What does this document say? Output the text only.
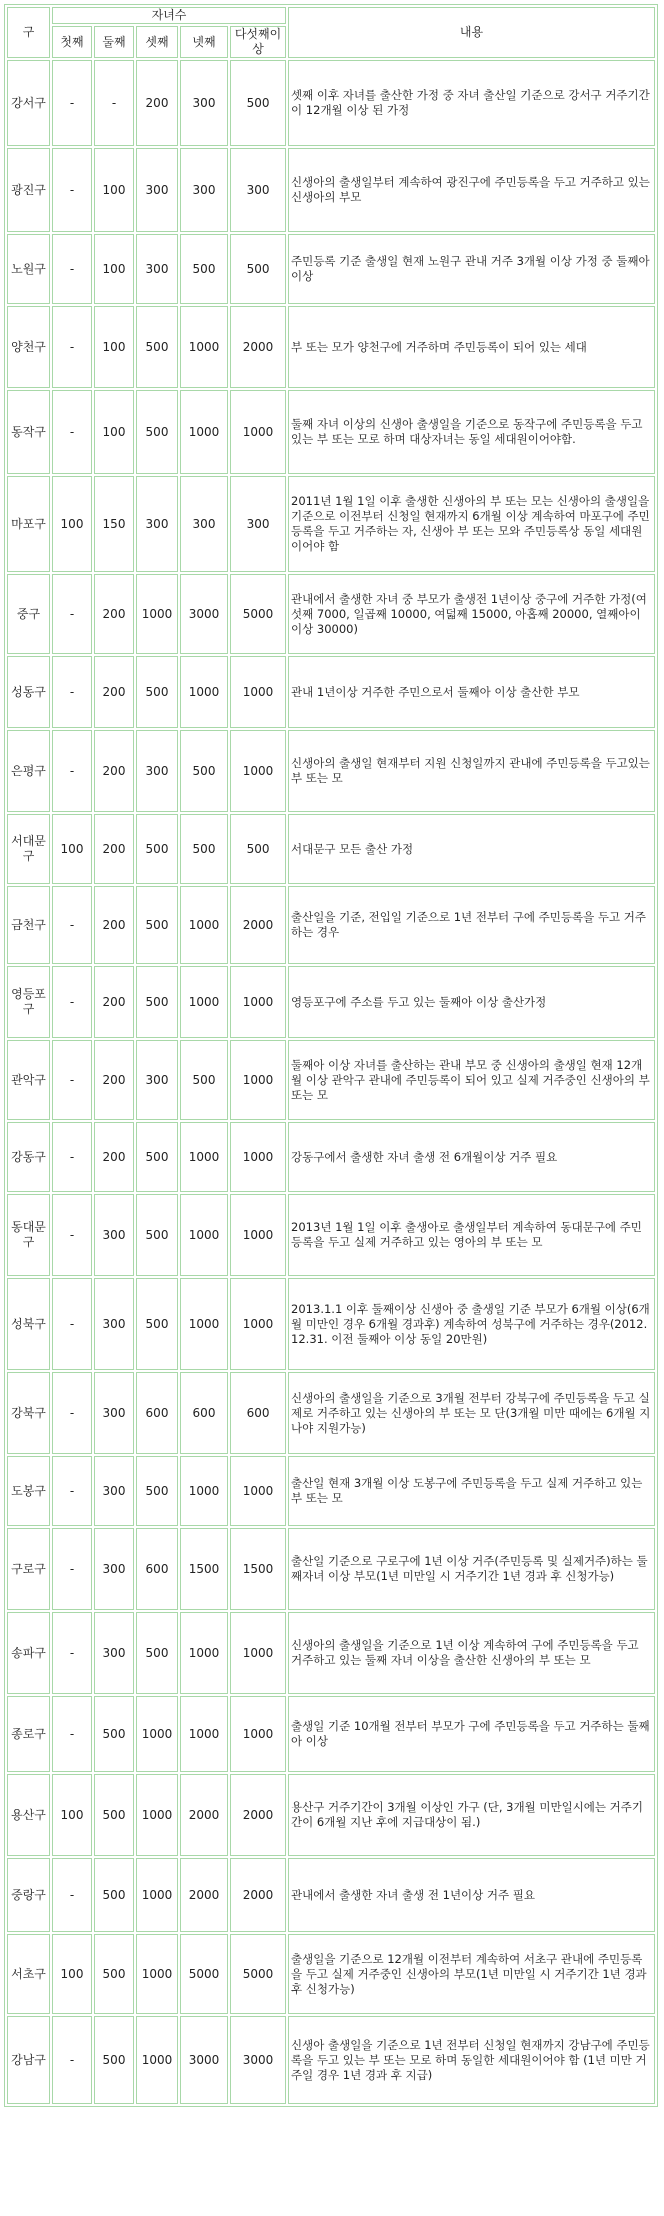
구	자녀수					내용
	첫째	둘째	셋째	넷째	다섯째이상	
강서구	-	-	200	300	500	셋째 이후 자녀를 출산한 가정 중 자녀 출산일 기준으로 강서구 거주기간이 12개월 이상 된 가정
광진구	-	100	300	300	300	신생아의 출생일부터 계속하여 광진구에 주민등록을 두고 거주하고 있는 신생아의 부모
노원구	-	100	300	500	500	주민등록 기준 출생일 현재 노원구 관내 거주 3개월 이상 가정 중 둘째아 이상
양천구	-	100	500	1000	2000	부 또는 모가 양천구에 거주하며 주민등록이 되어 있는 세대
동작구	-	100	500	1000	1000	둘째 자녀 이상의 신생아 출생일을 기준으로 동작구에 주민등록을 두고 있는 부 또는 모로 하며 대상자녀는 동일 세대원이어야함.
마포구	100	150	300	300	300	2011년 1월 1일 이후 출생한 신생아의 부 또는 모는 신생아의 출생일을 기준으로 이전부터 신청일 현재까지 6개월 이상 계속하여 마포구에 주민등록을 두고 거주하는 자, 신생아 부 또는 모와 주민등록상 동일 세대원이어야 함
중구	-	200	1000	3000	5000	관내에서 출생한 자녀 중 부모가 출생전 1년이상 중구에 거주한 가정(여섯째 7000, 일곱째 10000, 여덟째 15000, 아홉째 20000, 열째아이 이상 30000)
성동구	-	200	500	1000	1000	관내 1년이상 거주한 주민으로서 둘째아 이상 출산한 부모
은평구	-	200	300	500	1000	신생아의 출생일 현재부터 지원 신청일까지 관내에 주민등록을 두고있는 부 또는 모
서대문구	100	200	500	500	500	서대문구 모든 출산 가정
금천구	-	200	500	1000	2000	출산일을 기준, 전입일 기준으로 1년 전부터 구에 주민등록을 두고 거주하는 경우
영등포구	-	200	500	1000	1000	영등포구에 주소를 두고 있는 둘째아 이상 출산가정
관악구	-	200	300	500	1000	둘째아 이상 자녀를 출산하는 관내 부모 중 신생아의 출생일 현재 12개월 이상 관악구 관내에 주민등록이 되어 있고 실제 거주중인 신생아의 부 또는 모
강동구	-	200	500	1000	1000	강동구에서 출생한 자녀 출생 전 6개월이상 거주 필요
동대문구	-	300	500	1000	1000	2013년 1월 1일 이후 출생아로 출생일부터 계속하여 동대문구에 주민등록을 두고 실제 거주하고 있는 영아의 부 또는 모
성북구	-	300	500	1000	1000	2013.1.1 이후 둘째이상 신생아 중 출생일 기준 부모가 6개월 이상(6개월 미만인 경우 6개월 경과후) 계속하여 성북구에 거주하는 경우(2012.12.31. 이전 둘째아 이상 동일 20만원)
강북구	-	300	600	600	600	신생아의 출생일을 기준으로 3개월 전부터 강북구에 주민등록을 두고 실제로 거주하고 있는 신생아의 부 또는 모 단(3개월 미만 때에는 6개월 지나야 지원가능)
도봉구	-	300	500	1000	1000	출산일 현재 3개월 이상 도봉구에 주민등록을 두고 실제 거주하고 있는 부 또는 모
구로구	-	300	600	1500	1500	출산일 기준으로 구로구에 1년 이상 거주(주민등록 및 실제거주)하는 둘째자녀 이상 부모(1년 미만일 시 거주기간 1년 경과 후 신청가능)
송파구	-	300	500	1000	1000	신생아의 출생일을 기준으로 1년 이상 계속하여 구에 주민등록을 두고 거주하고 있는 둘째 자녀 이상을 출산한 신생아의 부 또는 모
종로구	-	500	1000	1000	1000	출생일 기준 10개월 전부터 부모가 구에 주민등록을 두고 거주하는 둘째아 이상
용산구	100	500	1000	2000	2000	용산구 거주기간이 3개월 이상인 가구 (단, 3개월 미만일시에는 거주기간이 6개월 지난 후에 지급대상이 됨.)
중랑구	-	500	1000	2000	2000	관내에서 출생한 자녀 출생 전 1년이상 거주 필요
서초구	100	500	1000	5000	5000	출생일을 기준으로 12개월 이전부터 계속하여 서초구 관내에 주민등록을 두고 실제 거주중인 신생아의 부모(1년 미만일 시 거주기간 1년 경과 후 신청가능)
강남구	-	500	1000	3000	3000	신생아 출생일을 기준으로 1년 전부터 신청일 현재까지 강남구에 주민등록을 두고 있는 부 또는 모로 하며 동일한 세대원이어야 함 (1년 미만 거주일 경우 1년 경과 후 지급)
